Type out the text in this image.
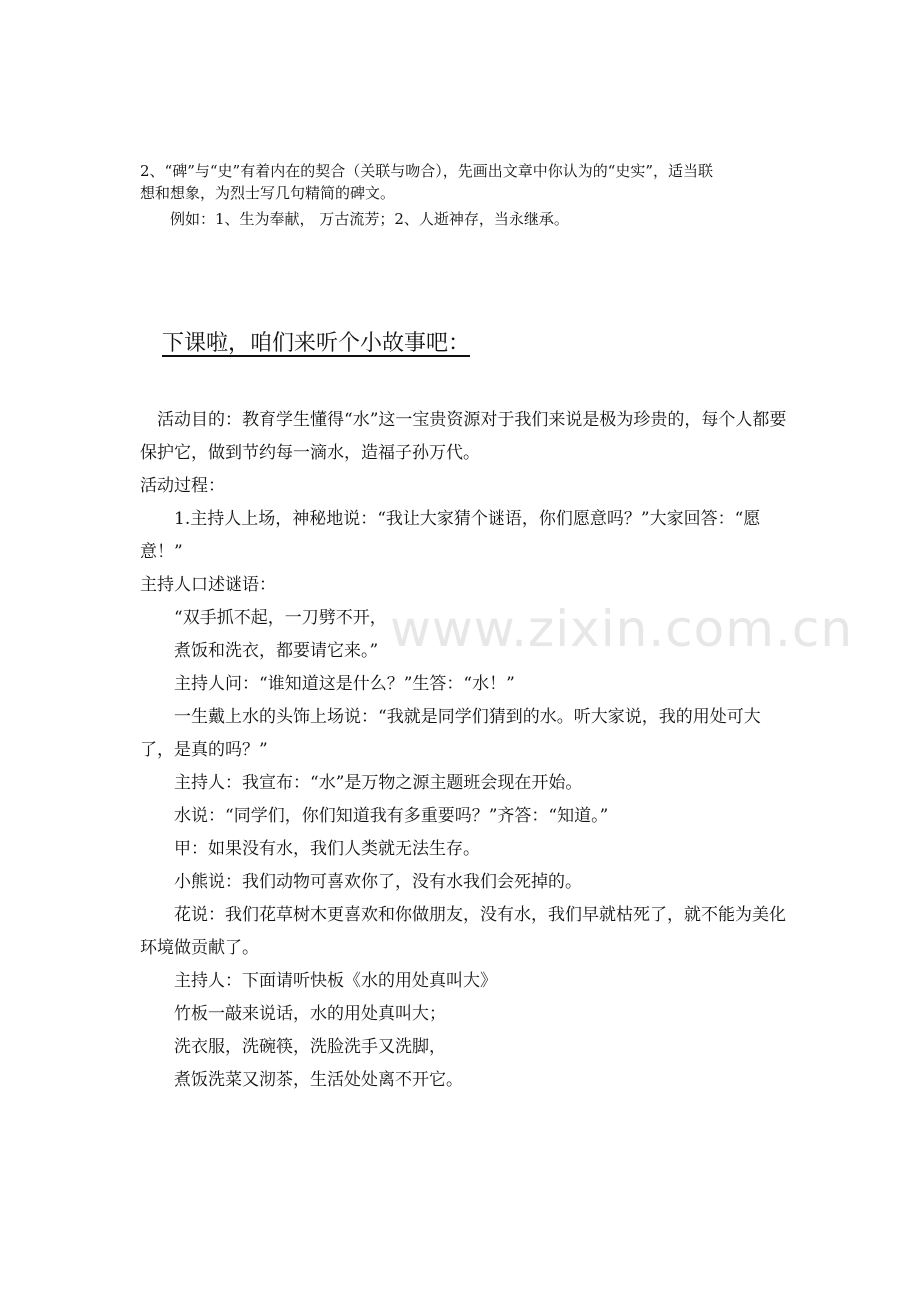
www.zixin.com.cn

2、“碑”与“史”有着内在的契合（关联与吻合），先画出文章中你认为的“史实”，适当联

想和想象，为烈士写几句精简的碑文。

例如：1、生为奉献， 万古流芳；2、人逝神存，当永继承。

下课啦，咱们来听个小故事吧：

活动目的：教育学生懂得“水”这一宝贵资源对于我们来说是极为珍贵的，每个人都要保护它，做到节约每一滴水，造福子孙万代。

活动过程：

1.主持人上场，神秘地说：“我让大家猜个谜语，你们愿意吗？”大家回答：“愿意！”

主持人口述谜语：

“双手抓不起，一刀劈不开，

煮饭和洗衣，都要请它来。”

主持人问：“谁知道这是什么？”生答：“水！”

一生戴上水的头饰上场说：“我就是同学们猜到的水。听大家说，我的用处可大了，是真的吗？”

主持人：我宣布：“水”是万物之源主题班会现在开始。

水说：“同学们，你们知道我有多重要吗？”齐答：“知道。”

甲：如果没有水，我们人类就无法生存。

小熊说：我们动物可喜欢你了，没有水我们会死掉的。

花说：我们花草树木更喜欢和你做朋友，没有水，我们早就枯死了，就不能为美化环境做贡献了。

主持人：下面请听快板《水的用处真叫大》

竹板一敲来说话，水的用处真叫大；

洗衣服，洗碗筷，洗脸洗手又洗脚，

煮饭洗菜又沏茶，生活处处离不开它。
